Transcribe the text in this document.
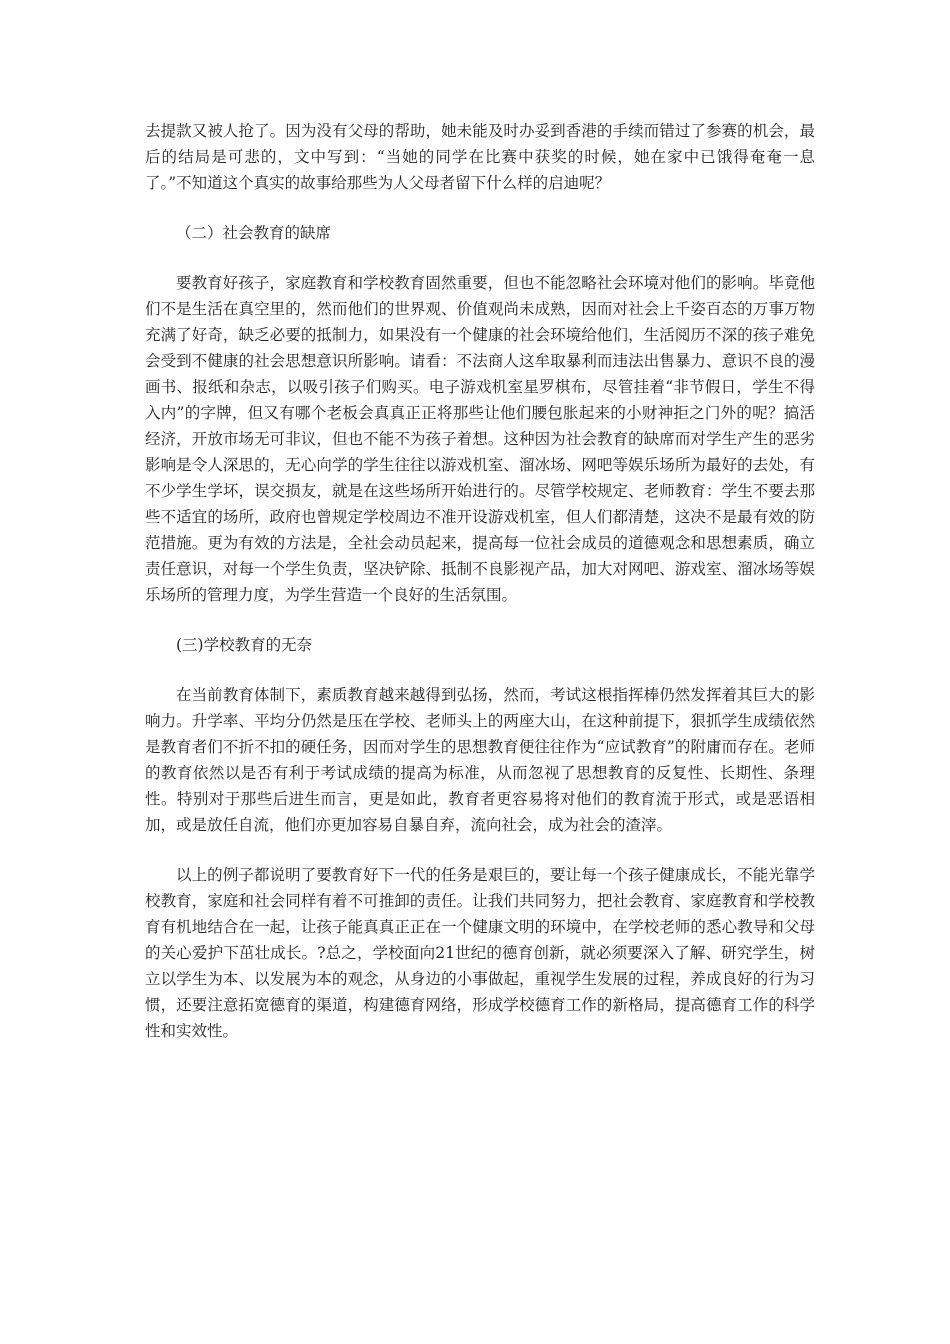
去提款又被人抢了。因为没有父母的帮助，她未能及时办妥到香港的手续而错过了参赛的机会，最后的结局是可悲的，文中写到：“当她的同学在比赛中获奖的时候，她在家中已饿得奄奄一息了。”不知道这个真实的故事给那些为人父母者留下什么样的启迪呢？

（二）社会教育的缺席

要教育好孩子，家庭教育和学校教育固然重要，但也不能忽略社会环境对他们的影响。毕竟他们不是生活在真空里的，然而他们的世界观、价值观尚未成熟，因而对社会上千姿百态的万事万物充满了好奇，缺乏必要的抵制力，如果没有一个健康的社会环境给他们，生活阅历不深的孩子难免会受到不健康的社会思想意识所影响。请看：不法商人这牟取暴利而违法出售暴力、意识不良的漫画书、报纸和杂志，以吸引孩子们购买。电子游戏机室星罗棋布，尽管挂着“非节假日，学生不得入内”的字牌，但又有哪个老板会真真正正将那些让他们腰包胀起来的小财神拒之门外的呢？搞活经济，开放市场无可非议，但也不能不为孩子着想。这种因为社会教育的缺席而对学生产生的恶劣影响是令人深思的，无心向学的学生往往以游戏机室、溜冰场、网吧等娱乐场所为最好的去处，有不少学生学坏，误交损友，就是在这些场所开始进行的。尽管学校规定、老师教育：学生不要去那些不适宜的场所，政府也曾规定学校周边不准开设游戏机室，但人们都清楚，这决不是最有效的防范措施。更为有效的方法是，全社会动员起来，提高每一位社会成员的道德观念和思想素质，确立责任意识，对每一个学生负责，坚决铲除、抵制不良影视产品，加大对网吧、游戏室、溜冰场等娱乐场所的管理力度，为学生营造一个良好的生活氛围。

(三)学校教育的无奈

在当前教育体制下，素质教育越来越得到弘扬，然而，考试这根指挥棒仍然发挥着其巨大的影响力。升学率、平均分仍然是压在学校、老师头上的两座大山，在这种前提下，狠抓学生成绩依然是教育者们不折不扣的硬任务，因而对学生的思想教育便往往作为“应试教育”的附庸而存在。老师的教育依然以是否有利于考试成绩的提高为标准，从而忽视了思想教育的反复性、长期性、条理性。特别对于那些后进生而言，更是如此，教育者更容易将对他们的教育流于形式，或是恶语相加，或是放任自流，他们亦更加容易自暴自弃，流向社会，成为社会的渣滓。

以上的例子都说明了要教育好下一代的任务是艰巨的，要让每一个孩子健康成长，不能光靠学校教育，家庭和社会同样有着不可推卸的责任。让我们共同努力，把社会教育、家庭教育和学校教育有机地结合在一起，让孩子能真真正正在一个健康文明的环境中，在学校老师的悉心教导和父母的关心爱护下茁壮成长。?总之，学校面向21世纪的德育创新，就必须要深入了解、研究学生，树立以学生为本、以发展为本的观念，从身边的小事做起，重视学生发展的过程，养成良好的行为习惯，还要注意拓宽德育的渠道，构建德育网络，形成学校德育工作的新格局，提高德育工作的科学性和实效性。
